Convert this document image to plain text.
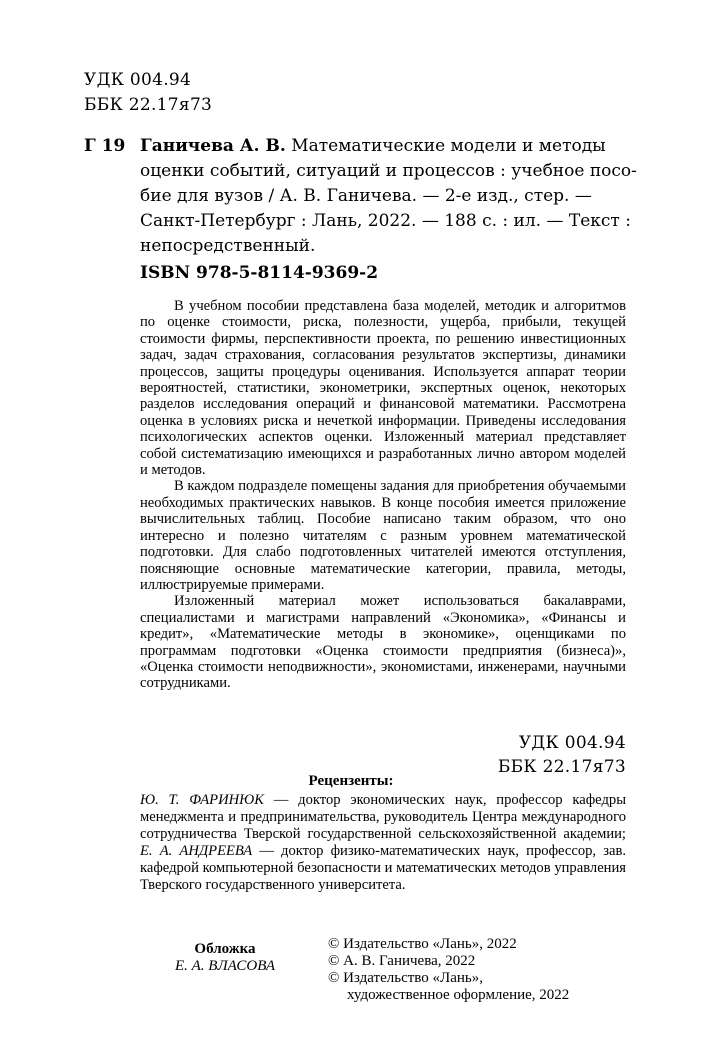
УДК 004.94
ББК 22.17я73
Г 19 Ганичева А. В. Математические модели и методы
оценки событий, ситуаций и процессов : учебное посо-
бие для вузов / А. В. Ганичева. — 2-е изд., стер. —
Санкт-Петербург : Лань, 2022. — 188 с. : ил. — Текст :
непосредственный.
ISBN 978-5-8114-9369-2

В учебном пособии представлена база моделей, методик и алгоритмов по оценке стоимости, риска, полезности, ущерба, прибыли, текущей стоимости фирмы, перспективности проекта, по решению инвестиционных задач, задач страхования, согласования результатов экспертизы, динамики процессов, защиты процедуры оценивания. Используется аппарат теории вероятностей, статистики, эконометрики, экспертных оценок, некоторых разделов исследования операций и финансовой математики. Рассмотрена оценка в условиях риска и нечеткой информации. Приведены исследования психологических аспектов оценки. Изложенный материал представляет собой систематизацию имеющихся и разработанных лично автором моделей и методов.

В каждом подразделе помещены задания для приобретения обучаемыми необходимых практических навыков. В конце пособия имеется приложение вычислительных таблиц. Пособие написано таким образом, что оно интересно и полезно читателям с разным уровнем математической подготовки. Для слабо подготовленных читателей имеются отступления, поясняющие основные математические категории, правила, методы, иллюстрируемые примерами.

Изложенный материал может использоваться бакалаврами, специалистами и магистрами направлений «Экономика», «Финансы и кредит», «Математические методы в экономике», оценщиками по программам подготовки «Оценка стоимости предприятия (бизнеса)», «Оценка стоимости неподвижности», экономистами, инженерами, научными сотрудниками.

УДК 004.94
ББК 22.17я73
Рецензенты:

Ю. Т. ФАРИНЮК — доктор экономических наук, профессор кафедры менеджмента и предпринимательства, руководитель Центра международного сотрудничества Тверской государственной сельскохозяйственной академии; Е. А. АНДРЕЕВА — доктор физико-математических наук, профессор, зав. кафедрой компьютерной безопасности и математических методов управления Тверского государственного университета.

Обложка
Е. А. ВЛАСОВА
© Издательство «Лань», 2022
© А. В. Ганичева, 2022
© Издательство «Лань»,
художественное оформление, 2022
